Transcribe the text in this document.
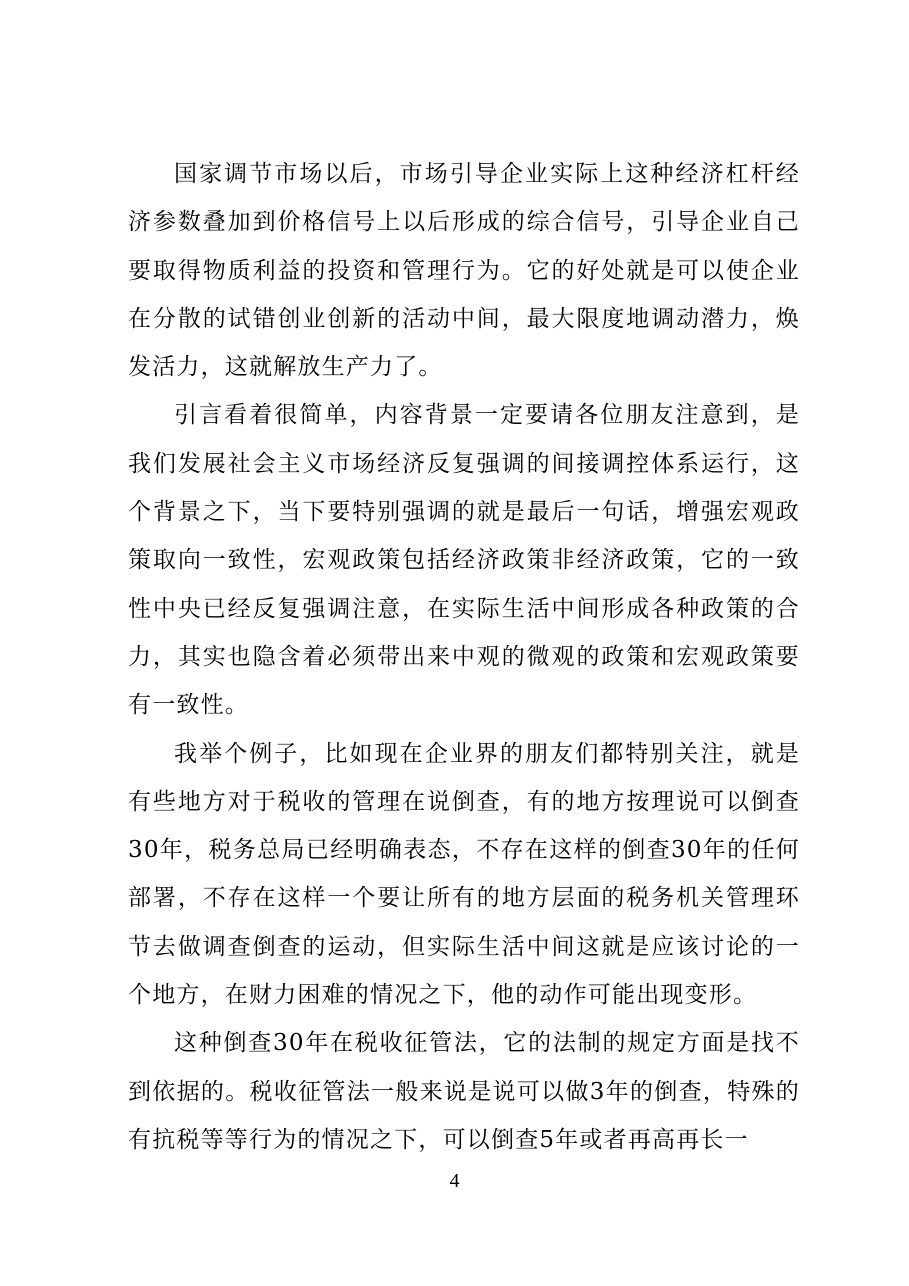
国家调节市场以后，市场引导企业实际上这种经济杠杆经济参数叠加到价格信号上以后形成的综合信号，引导企业自己要取得物质利益的投资和管理行为。它的好处就是可以使企业在分散的试错创业创新的活动中间，最大限度地调动潜力，焕发活力，这就解放生产力了。

引言看着很简单，内容背景一定要请各位朋友注意到，是我们发展社会主义市场经济反复强调的间接调控体系运行，这个背景之下，当下要特别强调的就是最后一句话，增强宏观政策取向一致性，宏观政策包括经济政策非经济政策，它的一致性中央已经反复强调注意，在实际生活中间形成各种政策的合力，其实也隐含着必须带出来中观的微观的政策和宏观政策要有一致性。

我举个例子，比如现在企业界的朋友们都特别关注，就是有些地方对于税收的管理在说倒查，有的地方按理说可以倒查30年，税务总局已经明确表态，不存在这样的倒查30年的任何部署，不存在这样一个要让所有的地方层面的税务机关管理环节去做调查倒查的运动，但实际生活中间这就是应该讨论的一个地方，在财力困难的情况之下，他的动作可能出现变形。

这种倒查30年在税收征管法，它的法制的规定方面是找不到依据的。税收征管法一般来说是说可以做3年的倒查，特殊的有抗税等等行为的情况之下，可以倒查5年或者再高再长一

4
